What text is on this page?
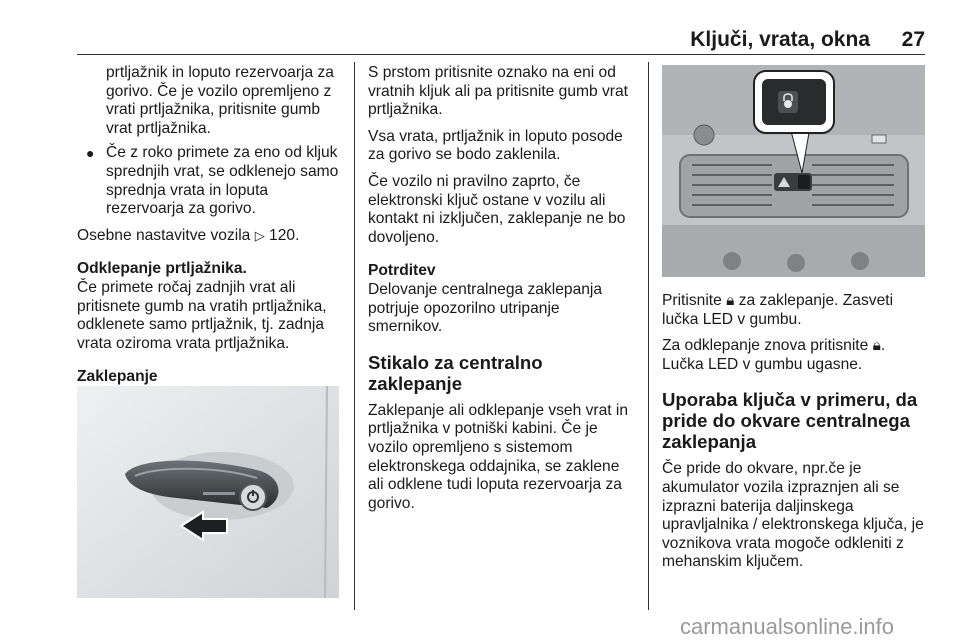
Ključi, vrata, okna 27

prtljažnik in loputo rezervoarja za gorivo. Če je vozilo opremljeno z vrati prtljažnika, pritisnite gumb vrat prtljažnika.

● Če z roko primete za eno od kljuk sprednjih vrat, se odklenejo samo sprednja vrata in loputa rezervoarja za gorivo.

Osebne nastavitve vozila ▷ 120.

Odklepanje prtljažnika.

Če primete ročaj zadnjih vrat ali pritisnete gumb na vratih prtljažnika, odklenete samo prtljažnik, tj. zadnja vrata oziroma vrata prtljažnika.

Zaklepanje

S prstom pritisnite oznako na eni od vratnih kljuk ali pa pritisnite gumb vrat prtljažnika.

Vsa vrata, prtljažnik in loputo posode za gorivo se bodo zaklenila.

Če vozilo ni pravilno zaprto, če elektronski ključ ostane v vozilu ali kontakt ni izključen, zaklepanje ne bo dovoljeno.

Potrditev

Delovanje centralnega zaklepanja potrjuje opozorilno utripanje smernikov.

Stikalo za centralno zaklepanje

Zaklepanje ali odklepanje vseh vrat in prtljažnika v potniški kabini. Če je vozilo opremljeno s sistemom elektronskega oddajnika, se zaklene ali odklene tudi loputa rezervoarja za gorivo.

Pritisnite 🔒︎ za zaklepanje. Zasveti lučka LED v gumbu.

Za odklepanje znova pritisnite 🔒︎. Lučka LED v gumbu ugasne.

Uporaba ključa v primeru, da pride do okvare centralnega zaklepanja

Če pride do okvare, npr.če je akumulator vozila izpraznjen ali se izprazni baterija daljinskega upravljalnika / elektronskega ključa, je voznikova vrata mogoče odkleniti z mehanskim ključem.

carmanualsonline.info
